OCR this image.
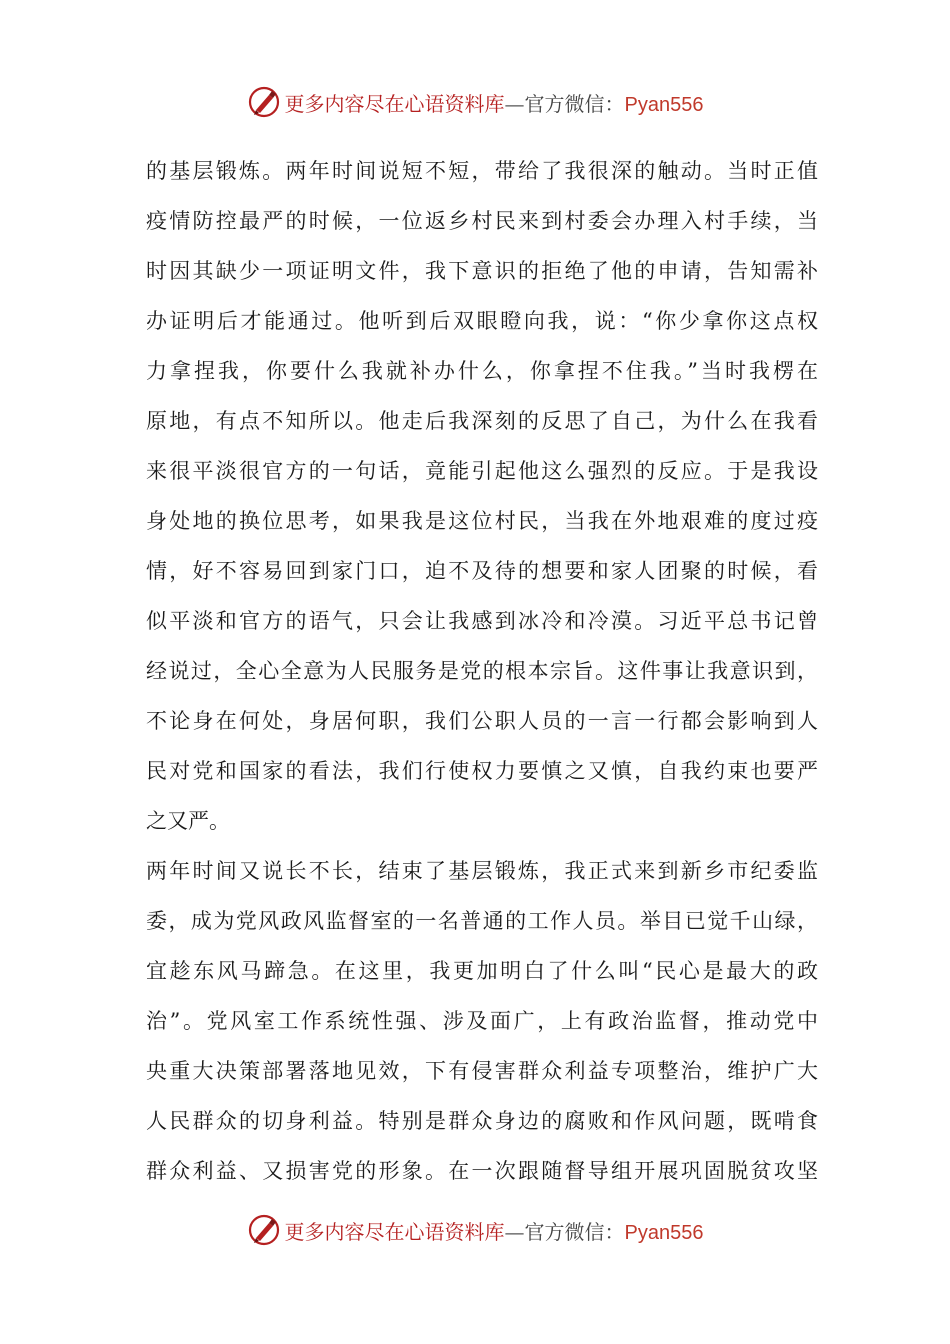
更多内容尽在心语资料库—官方微信：Pyan556
的基层锻炼。两年时间说短不短，带给了我很深的触动。当时正值
疫情防控最严的时候，一位返乡村民来到村委会办理入村手续，当
时因其缺少一项证明文件，我下意识的拒绝了他的申请，告知需补
办证明后才能通过。他听到后双眼瞪向我，说：“你少拿你这点权
力拿捏我，你要什么我就补办什么，你拿捏不住我。”当时我楞在
原地，有点不知所以。他走后我深刻的反思了自己，为什么在我看
来很平淡很官方的一句话，竟能引起他这么强烈的反应。于是我设
身处地的换位思考，如果我是这位村民，当我在外地艰难的度过疫
情，好不容易回到家门口，迫不及待的想要和家人团聚的时候，看
似平淡和官方的语气，只会让我感到冰冷和冷漠。习近平总书记曾
经说过，全心全意为人民服务是党的根本宗旨。这件事让我意识到，
不论身在何处，身居何职，我们公职人员的一言一行都会影响到人
民对党和国家的看法，我们行使权力要慎之又慎，自我约束也要严
之又严。
两年时间又说长不长，结束了基层锻炼，我正式来到新乡市纪委监
委，成为党风政风监督室的一名普通的工作人员。举目已觉千山绿，
宜趁东风马蹄急。在这里，我更加明白了什么叫“民心是最大的政
治”。党风室工作系统性强、涉及面广，上有政治监督，推动党中
央重大决策部署落地见效，下有侵害群众利益专项整治，维护广大
人民群众的切身利益。特别是群众身边的腐败和作风问题，既啃食
群众利益、又损害党的形象。在一次跟随督导组开展巩固脱贫攻坚
更多内容尽在心语资料库—官方微信：Pyan556
